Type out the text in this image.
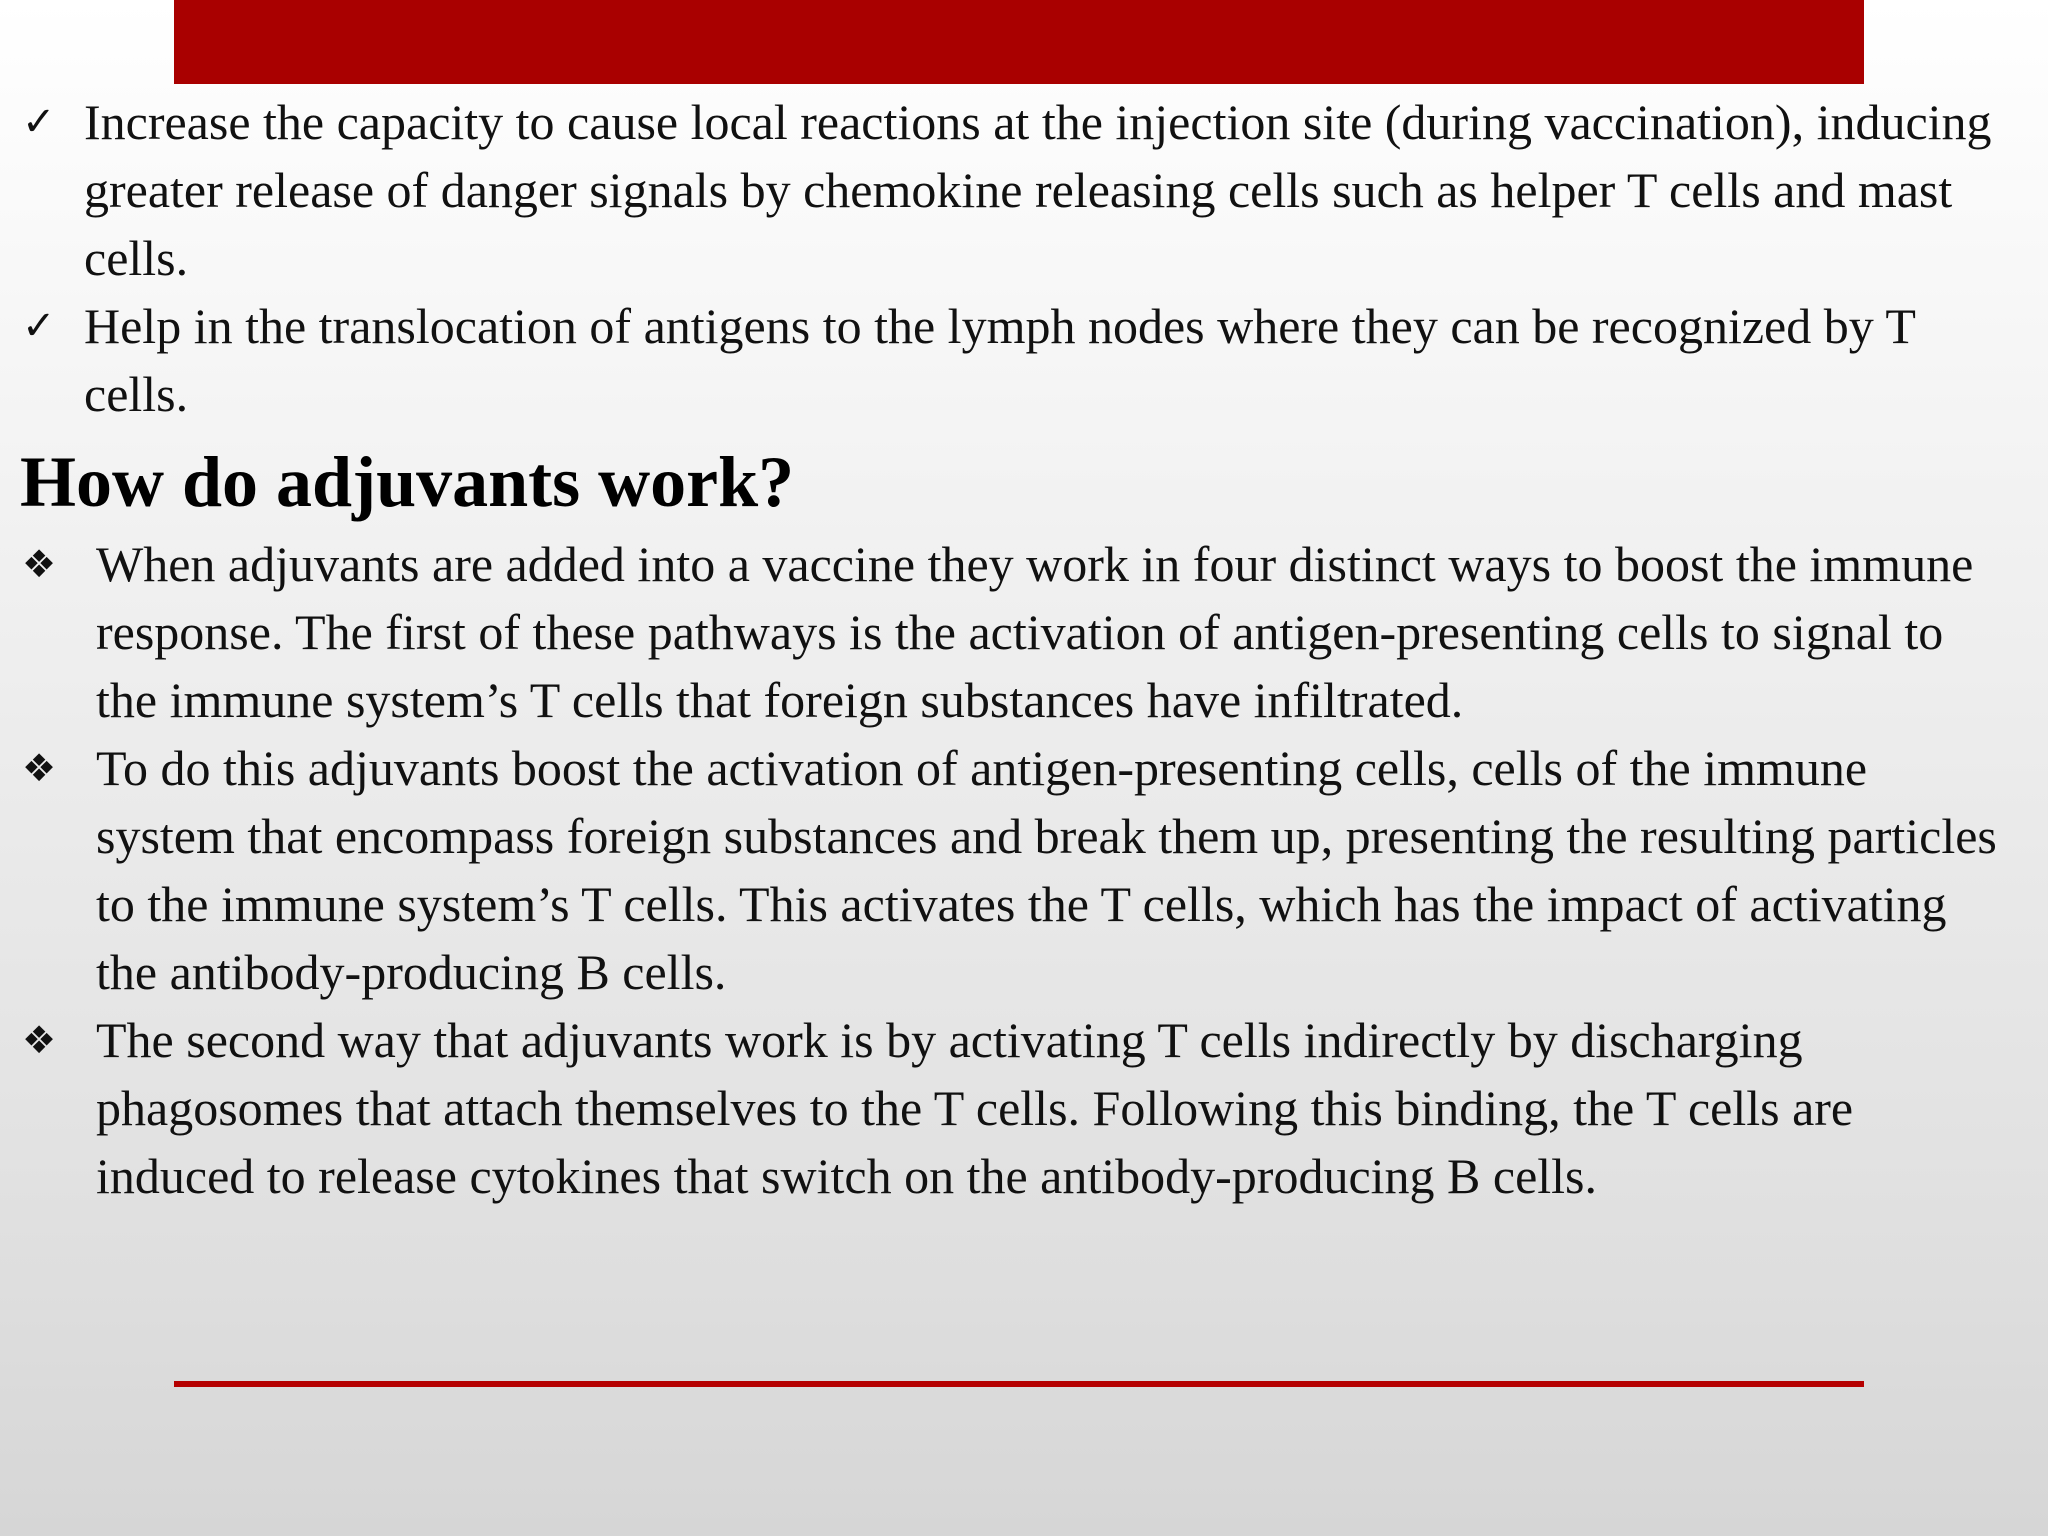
✓ Increase the capacity to cause local reactions at the injection site (during vaccination), inducing greater release of danger signals by chemokine releasing cells such as helper T cells and mast cells.
✓ Help in the translocation of antigens to the lymph nodes where they can be recognized by T cells.
How do adjuvants work?
❖ When adjuvants are added into a vaccine they work in four distinct ways to boost the immune response. The first of these pathways is the activation of antigen-presenting cells to signal to the immune system’s T cells that foreign substances have infiltrated.
❖ To do this adjuvants boost the activation of antigen-presenting cells, cells of the immune system that encompass foreign substances and break them up, presenting the resulting particles to the immune system’s T cells. This activates the T cells, which has the impact of activating the antibody-producing B cells.
❖ The second way that adjuvants work is by activating T cells indirectly by discharging phagosomes that attach themselves to the T cells. Following this binding, the T cells are induced to release cytokines that switch on the antibody-producing B cells.
